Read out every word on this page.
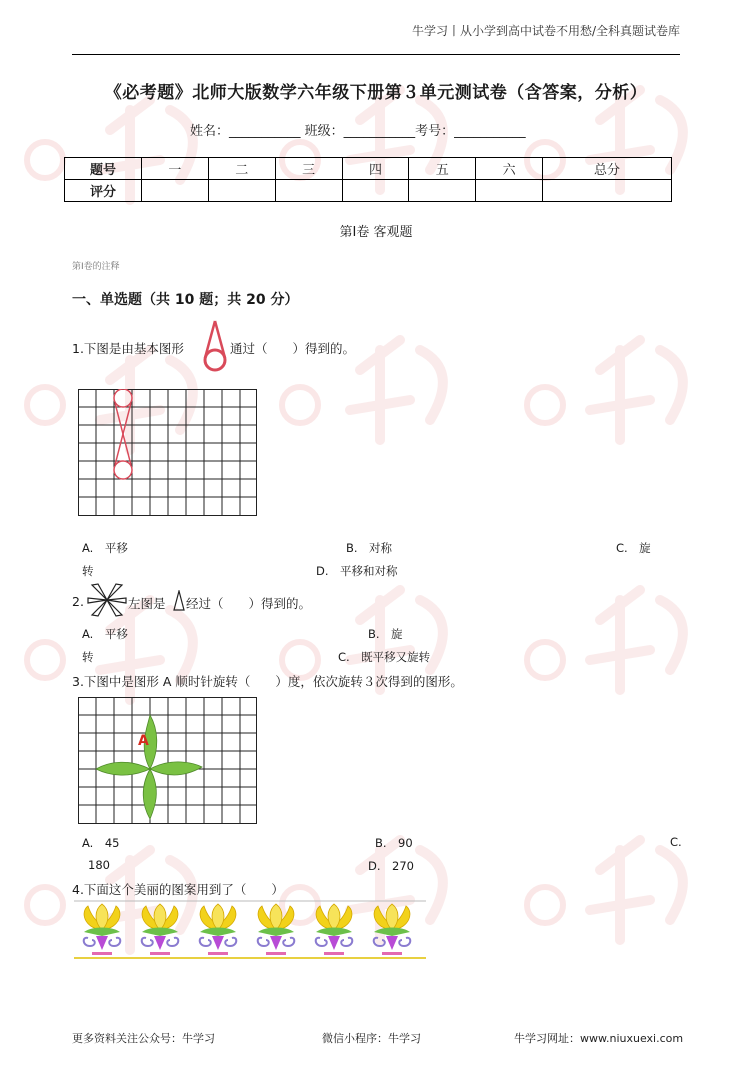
牛学习丨从小学到高中试卷不用愁/全科真题试卷库
《必考题》北师大版数学六年级下册第３单元测试卷（含答案，分析）
姓名：___________ 班级：___________考号：___________
题号	一	二	三	四	五	六	总分
评分							
第Ⅰ卷 客观题
第Ⅰ卷的注释
一、单选题（共 10 题；共 20 分）
1.下图是由基本图形	通过（　　）得到的。
A.　平移	B.　对称	C.　旋
转	D.　平移和对称
2.	左图是 经过（　　）得到的。
A.　平移	B.　旋
转	C.　既平移又旋转
3.下图中是图形 A 顺时针旋转（　　）度，依次旋转３次得到的图形。
A
A.　45	B.　90	C.
180	D.　270
4.下面这个美丽的图案用到了（　　）
更多资料关注公众号：牛学习	微信小程序：牛学习	牛学习网址：www.niuxuexi.com
